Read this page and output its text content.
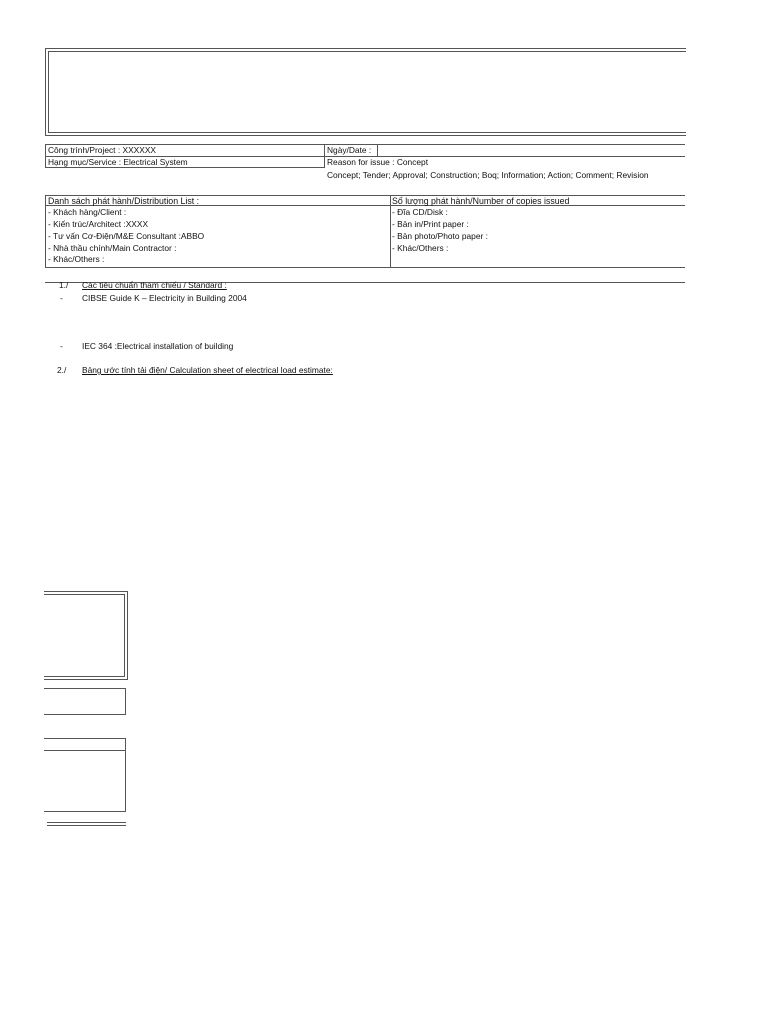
Công trình/Project : XXXXXX
Hạng mục/Service : Electrical System
Ngày/Date :
Reason for issue : Concept
Concept; Tender; Approval; Construction; Boq; Information; Action; Comment; Revision
Danh sách phát hành/Distribution List :
- Khách hàng/Client :
- Kiến trúc/Architect :XXXX
- Tư vấn Cơ-Điện/M&E Consultant :ABBO
- Nhà thầu chính/Main Contractor :
- Khác/Others :
Số lượng phát hành/Number of copies issued
- Đĩa CD/Disk :
- Bản in/Print paper :
- Bản photo/Photo paper :
- Khác/Others :
1./ Các tiêu chuẩn tham chiếu / Standard :
- CIBSE Guide K – Electricity in Building 2004
- IEC 364 :Electrical installation of building
2./ Bảng ước tính tải điện/ Calculation sheet of electrical load estimate:
